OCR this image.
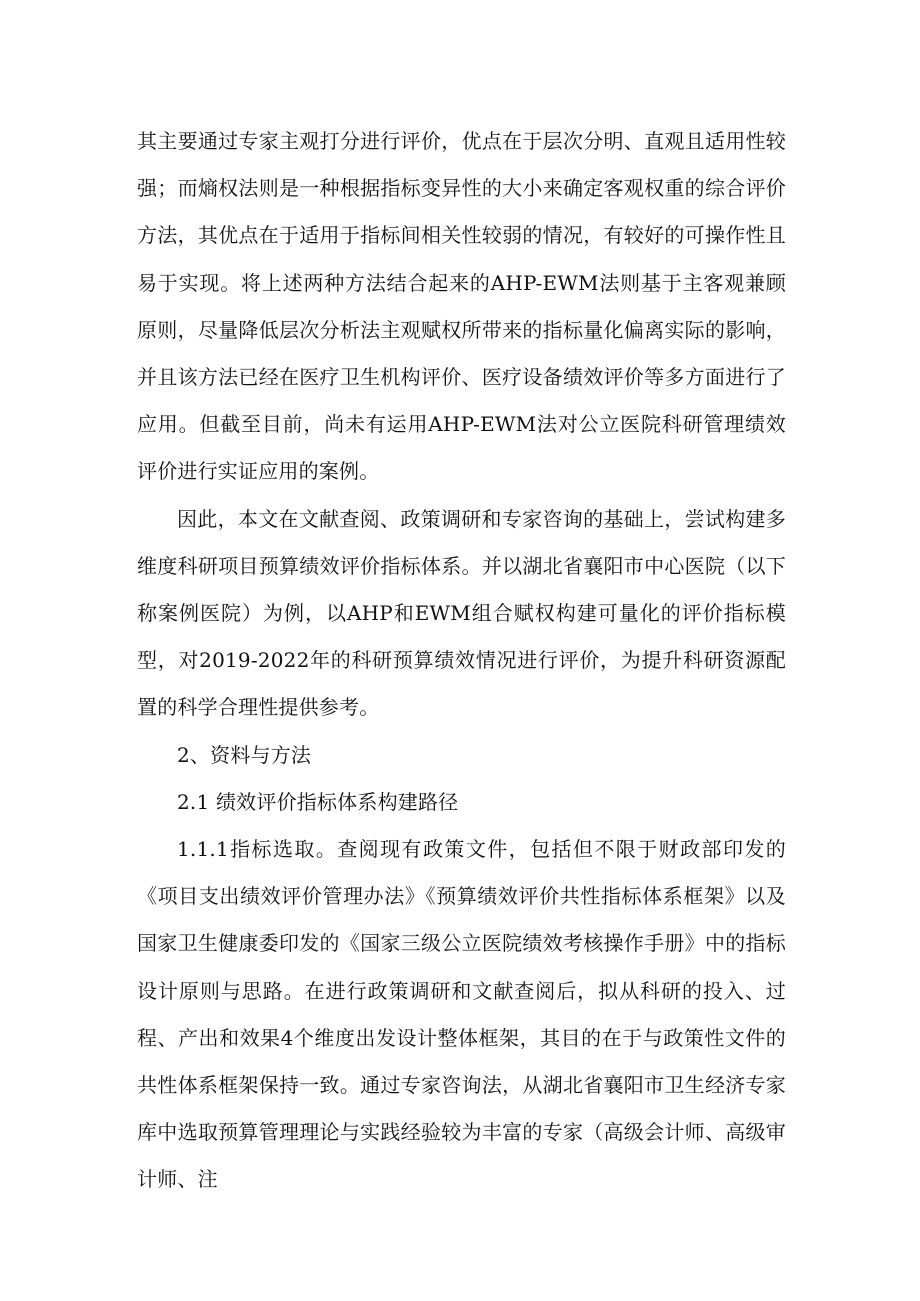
其主要通过专家主观打分进行评价，优点在于层次分明、直观且适用性较强；而熵权法则是一种根据指标变异性的大小来确定客观权重的综合评价方法，其优点在于适用于指标间相关性较弱的情况，有较好的可操作性且易于实现。将上述两种方法结合起来的AHP-EWM法则基于主客观兼顾原则，尽量降低层次分析法主观赋权所带来的指标量化偏离实际的影响，并且该方法已经在医疗卫生机构评价、医疗设备绩效评价等多方面进行了应用。但截至目前，尚未有运用AHP-EWM法对公立医院科研管理绩效评价进行实证应用的案例。

因此，本文在文献查阅、政策调研和专家咨询的基础上，尝试构建多维度科研项目预算绩效评价指标体系。并以湖北省襄阳市中心医院（以下称案例医院）为例，以AHP和EWM组合赋权构建可量化的评价指标模型，对2019-2022年的科研预算绩效情况进行评价，为提升科研资源配置的科学合理性提供参考。

2、资料与方法

2.1 绩效评价指标体系构建路径

1.1.1指标选取。查阅现有政策文件，包括但不限于财政部印发的《项目支出绩效评价管理办法》《预算绩效评价共性指标体系框架》以及国家卫生健康委印发的《国家三级公立医院绩效考核操作手册》中的指标设计原则与思路。在进行政策调研和文献查阅后，拟从科研的投入、过程、产出和效果4个维度出发设计整体框架，其目的在于与政策性文件的共性体系框架保持一致。通过专家咨询法，从湖北省襄阳市卫生经济专家库中选取预算管理理论与实践经验较为丰富的专家（高级会计师、高级审计师、注
